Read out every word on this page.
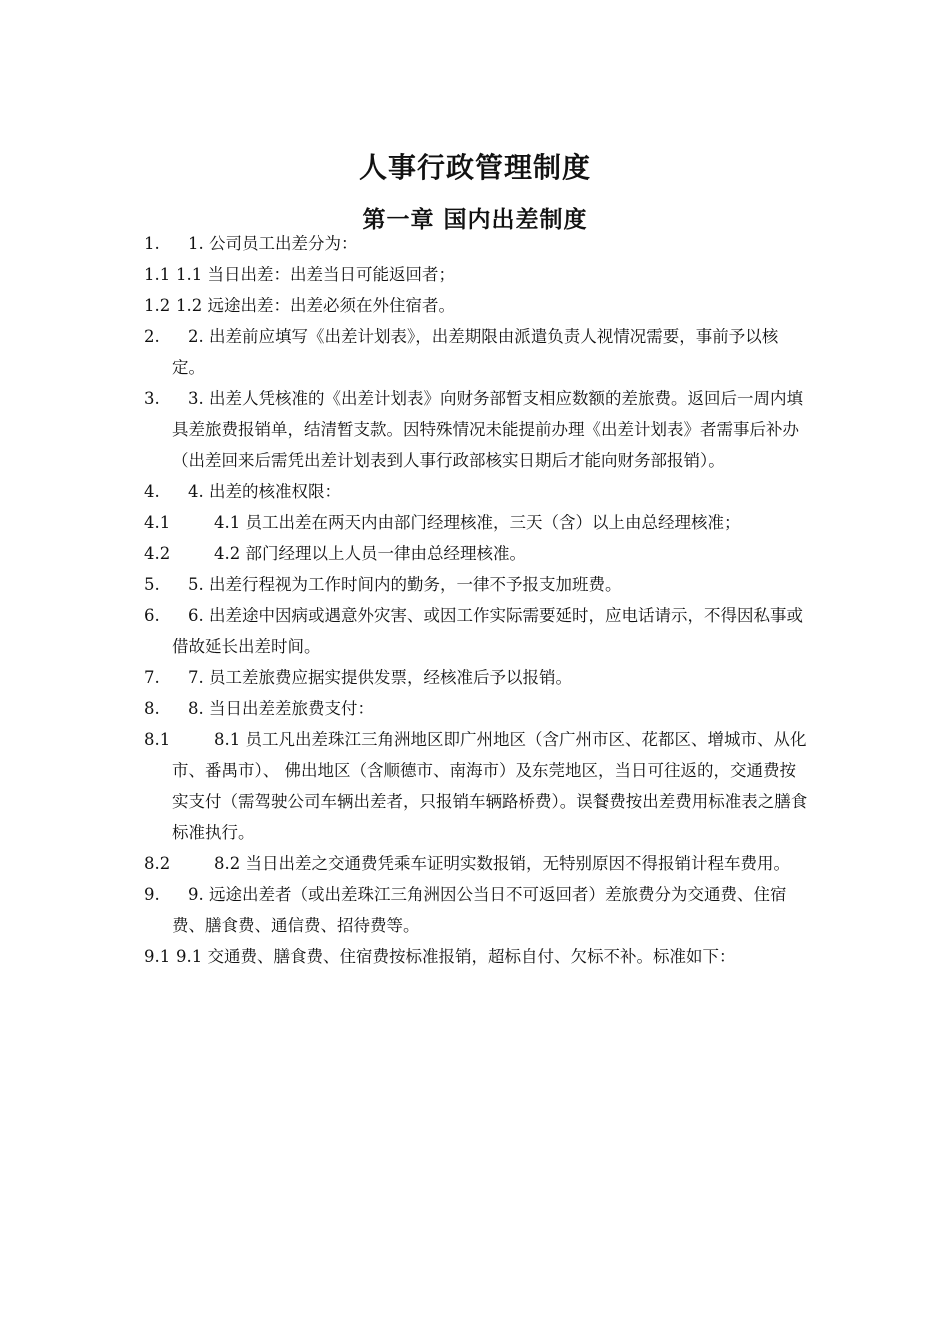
人事行政管理制度
第一章 国内出差制度

1.	1. 公司员工出差分为：

1.1 1.1 当日出差：出差当日可能返回者；

1.2 1.2 远途出差：出差必须在外住宿者。

2.	2. 出差前应填写《出差计划表》，出差期限由派遣负责人视情况需要，事前予以核定。

3.	3. 出差人凭核准的《出差计划表》向财务部暂支相应数额的差旅费。返回后一周内填具差旅费报销单，结清暂支款。因特殊情况未能提前办理《出差计划表》者需事后补办（出差回来后需凭出差计划表到人事行政部核实日期后才能向财务部报销）。

4.	4. 出差的核准权限：

4.1	4.1 员工出差在两天内由部门经理核准，三天（含）以上由总经理核准；

4.2	4.2 部门经理以上人员一律由总经理核准。

5.	5. 出差行程视为工作时间内的勤务，一律不予报支加班费。

6.	6. 出差途中因病或遇意外灾害、或因工作实际需要延时，应电话请示，不得因私事或借故延长出差时间。

7.	7. 员工差旅费应据实提供发票，经核准后予以报销。

8.	8. 当日出差差旅费支付：

8.1	8.1 员工凡出差珠江三角洲地区即广州地区（含广州市区、花都区、增城市、从化市、番禺市）、 佛出地区（含顺德市、南海市）及东莞地区，当日可往返的，交通费按实支付（需驾驶公司车辆出差者，只报销车辆路桥费）。误餐费按出差费用标准表之膳食标准执行。

8.2	8.2 当日出差之交通费凭乘车证明实数报销，无特别原因不得报销计程车费用。

9.	9. 远途出差者（或出差珠江三角洲因公当日不可返回者）差旅费分为交通费、住宿费、膳食费、通信费、招待费等。

9.1 9.1 交通费、膳食费、住宿费按标准报销，超标自付、欠标不补。标准如下：
